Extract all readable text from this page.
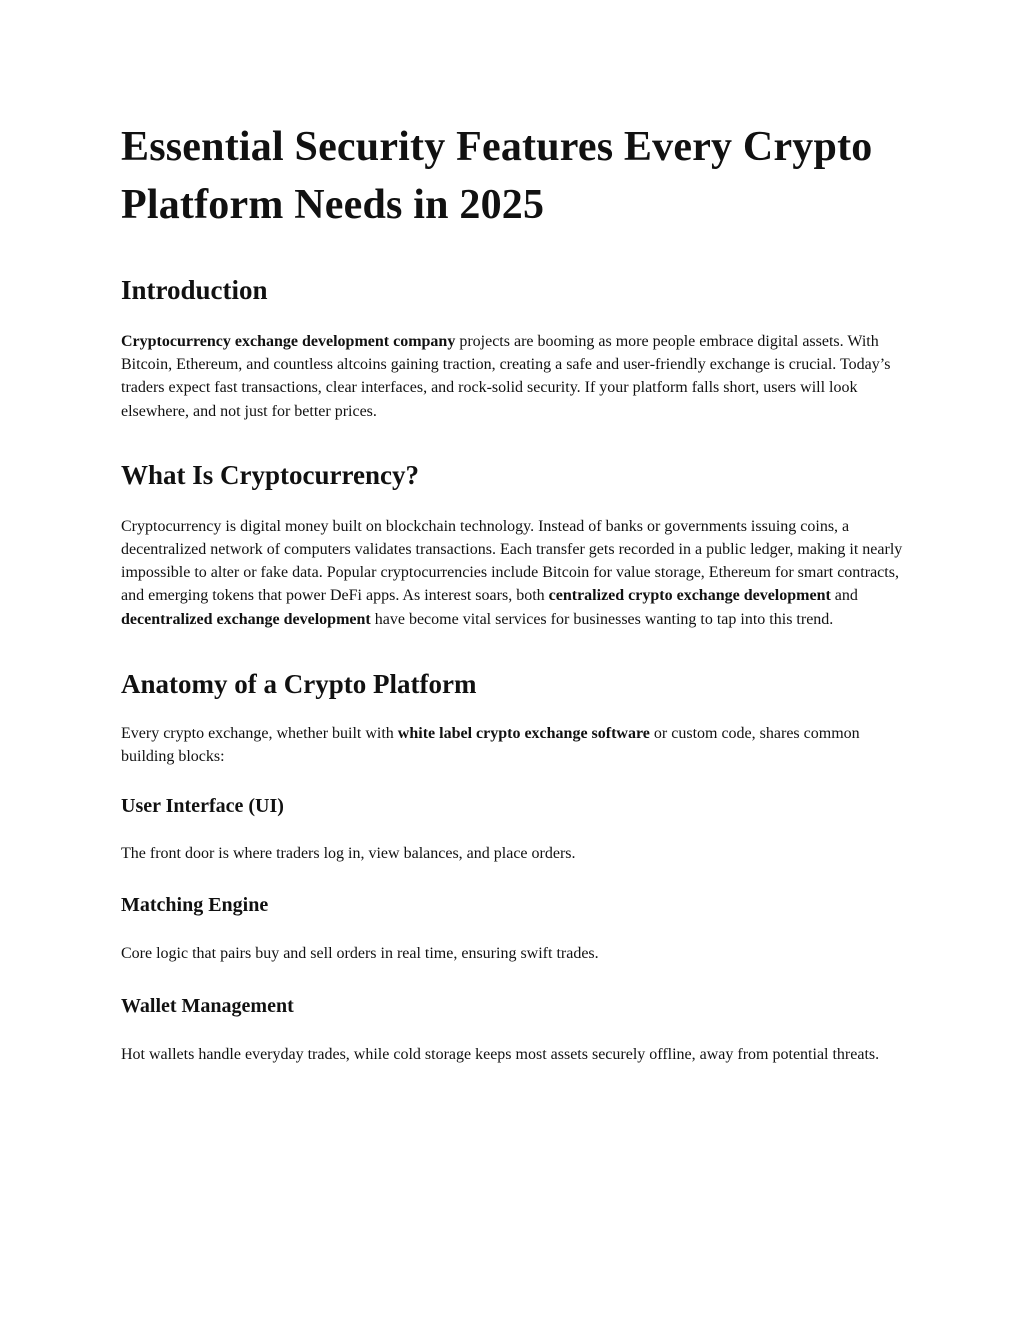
Essential Security Features Every Crypto Platform Needs in 2025
Introduction

Cryptocurrency exchange development company projects are booming as more people embrace digital assets. With Bitcoin, Ethereum, and countless altcoins gaining traction, creating a safe and user‑friendly exchange is crucial. Today’s traders expect fast transactions, clear interfaces, and rock‑solid security. If your platform falls short, users will look elsewhere, and not just for better prices.

What Is Cryptocurrency?

Cryptocurrency is digital money built on blockchain technology. Instead of banks or governments issuing coins, a decentralized network of computers validates transactions. Each transfer gets recorded in a public ledger, making it nearly impossible to alter or fake data. Popular cryptocurrencies include Bitcoin for value storage, Ethereum for smart contracts, and emerging tokens that power DeFi apps. As interest soars, both centralized crypto exchange development and decentralized exchange development have become vital services for businesses wanting to tap into this trend.

Anatomy of a Crypto Platform

Every crypto exchange, whether built with white label crypto exchange software or custom code, shares common building blocks:

User Interface (UI)

The front door is where traders log in, view balances, and place orders.

Matching Engine

Core logic that pairs buy and sell orders in real time, ensuring swift trades.

Wallet Management

Hot wallets handle everyday trades, while cold storage keeps most assets securely offline, away from potential threats.
